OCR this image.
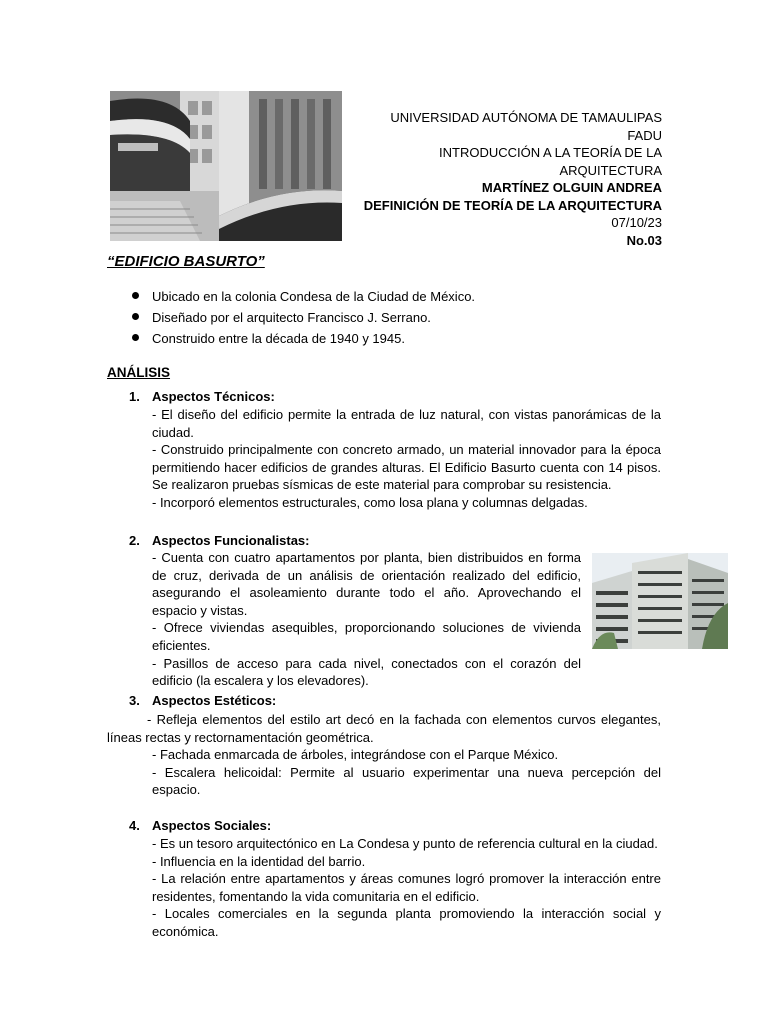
UNIVERSIDAD AUTÓNOMA DE TAMAULIPAS
FADU
INTRODUCCIÓN A LA TEORÍA DE LA
ARQUITECTURA
MARTÍNEZ OLGUIN ANDREA
DEFINICIÓN DE TEORÍA DE LA ARQUITECTURA
07/10/23
No.03
“EDIFICIO BASURTO”
Ubicado en la colonia Condesa de la Ciudad de México.
Diseñado por el arquitecto Francisco J. Serrano.
Construido entre la década de 1940 y 1945.
ANÁLISIS
1. Aspectos Técnicos:
- El diseño del edificio permite la entrada de luz natural, con vistas panorámicas de la ciudad.
- Construido principalmente con concreto armado, un material innovador para la época permitiendo hacer edificios de grandes alturas. El Edificio Basurto cuenta con 14 pisos. Se realizaron pruebas sísmicas de este material para comprobar su resistencia.
- Incorporó elementos estructurales, como losa plana y columnas delgadas.
2. Aspectos Funcionalistas:
- Cuenta con cuatro apartamentos por planta, bien distribuidos en forma de cruz, derivada de un análisis de orientación realizado del edificio, asegurando el asoleamiento durante todo el año. Aprovechando el espacio y vistas.
- Ofrece viviendas asequibles, proporcionando soluciones de vivienda eficientes.
- Pasillos de acceso para cada nivel, conectados con el corazón del edificio (la escalera y los elevadores).
3. Aspectos Estéticos:
- Refleja elementos del estilo art decó en la fachada con elementos curvos elegantes, líneas rectas y rectornamentación geométrica.
- Fachada enmarcada de árboles, integrándose con el Parque México.
- Escalera helicoidal: Permite al usuario experimentar una nueva percepción del espacio.
4. Aspectos Sociales:
- Es un tesoro arquitectónico en La Condesa y punto de referencia cultural en la ciudad.
- Influencia en la identidad del barrio.
- La relación entre apartamentos y áreas comunes logró promover la interacción entre residentes, fomentando la vida comunitaria en el edificio.
- Locales comerciales en la segunda planta promoviendo la interacción social y económica.
